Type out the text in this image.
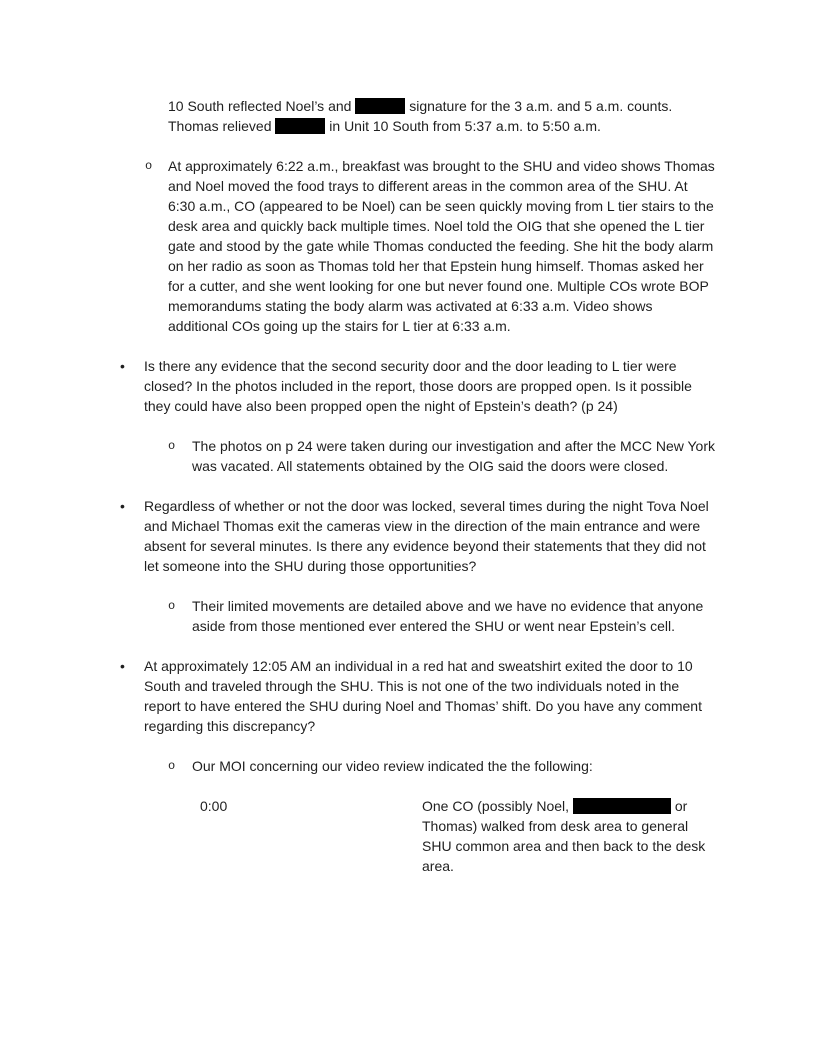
10 South reflected Noel’s and	signature for the 3 a.m. and 5 a.m. counts. Thomas relieved	in Unit 10 South from 5:37 a.m. to 5:50 a.m.
o At approximately 6:22 a.m., breakfast was brought to the SHU and video shows Thomas and Noel moved the food trays to different areas in the common area of the SHU. At 6:30 a.m., CO (appeared to be Noel) can be seen quickly moving from L tier stairs to the desk area and quickly back multiple times. Noel told the OIG that she opened the L tier gate and stood by the gate while Thomas conducted the feeding. She hit the body alarm on her radio as soon as Thomas told her that Epstein hung himself. Thomas asked her for a cutter, and she went looking for one but never found one. Multiple COs wrote BOP memorandums stating the body alarm was activated at 6:33 a.m. Video shows additional COs going up the stairs for L tier at 6:33 a.m.
• Is there any evidence that the second security door and the door leading to L tier were closed? In the photos included in the report, those doors are propped open. Is it possible they could have also been propped open the night of Epstein’s death? (p 24)
o The photos on p 24 were taken during our investigation and after the MCC New York was vacated. All statements obtained by the OIG said the doors were closed.
• Regardless of whether or not the door was locked, several times during the night Tova Noel and Michael Thomas exit the cameras view in the direction of the main entrance and were absent for several minutes. Is there any evidence beyond their statements that they did not let someone into the SHU during those opportunities?
o Their limited movements are detailed above and we have no evidence that anyone aside from those mentioned ever entered the SHU or went near Epstein’s cell.
• At approximately 12:05 AM an individual in a red hat and sweatshirt exited the door to 10 South and traveled through the SHU. This is not one of the two individuals noted in the report to have entered the SHU during Noel and Thomas’ shift. Do you have any comment regarding this discrepancy?
o Our MOI concerning our video review indicated the the following:
0:00	One CO (possibly Noel,	or Thomas) walked from desk area to general SHU common area and then back to the desk area.
